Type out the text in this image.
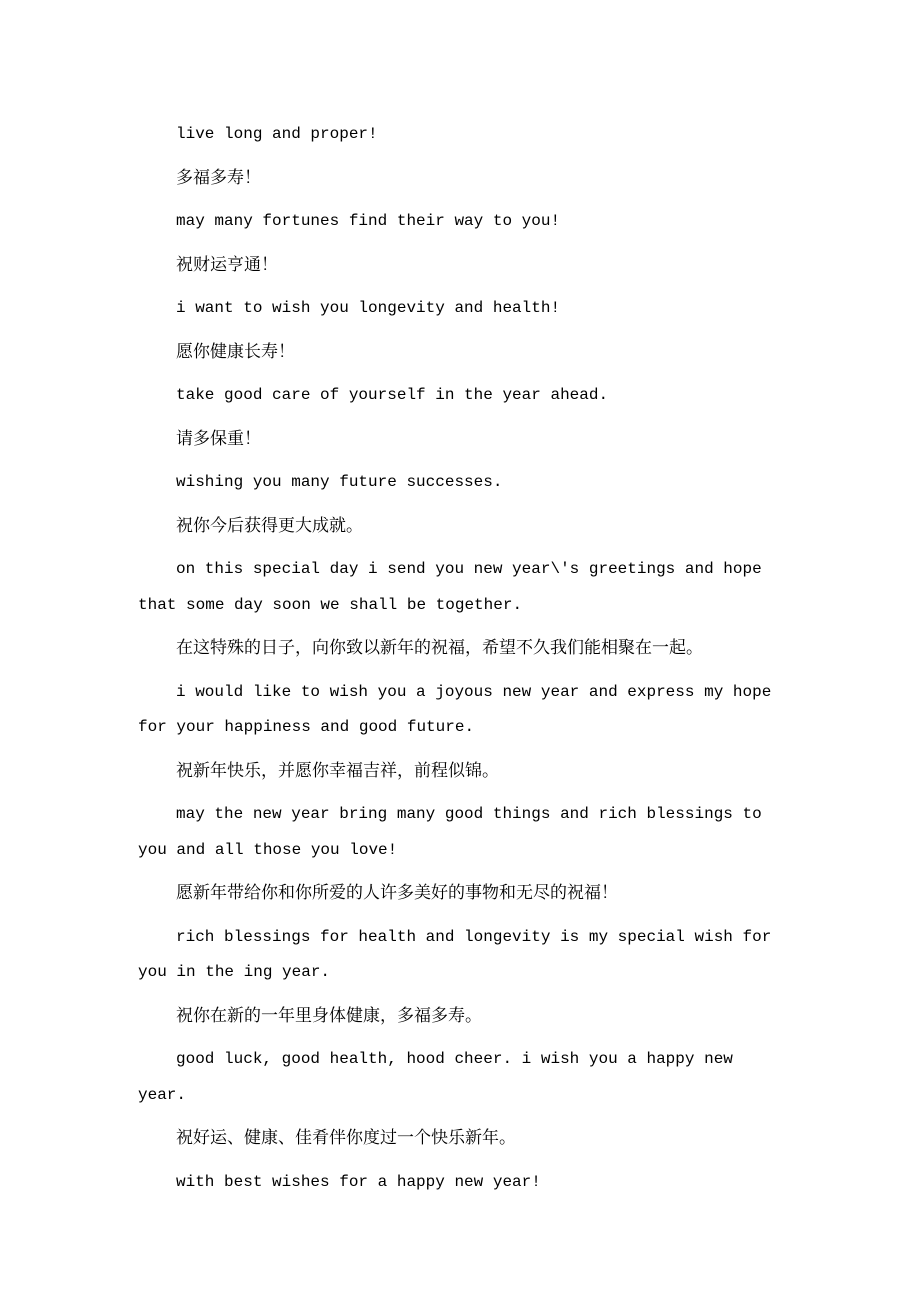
live long and proper!

多福多寿！

may many fortunes find their way to you!

祝财运亨通！

i want to wish you longevity and health!

愿你健康长寿！

take good care of yourself in the year ahead.

请多保重！

wishing you many future successes.

祝你今后获得更大成就。

on this special day i send you new year\'s greetings and hope that some day soon we shall be together.

在这特殊的日子，向你致以新年的祝福，希望不久我们能相聚在一起。

i would like to wish you a joyous new year and express my hope for your happiness and good future.

祝新年快乐，并愿你幸福吉祥，前程似锦。

may the new year bring many good things and rich blessings to you and all those you love!

愿新年带给你和你所爱的人许多美好的事物和无尽的祝福！

rich blessings for health and longevity is my special wish for you in the ing year.

祝你在新的一年里身体健康，多福多寿。

good luck, good health, hood cheer. i wish you a happy new year.

祝好运、健康、佳肴伴你度过一个快乐新年。

with best wishes for a happy new year!
